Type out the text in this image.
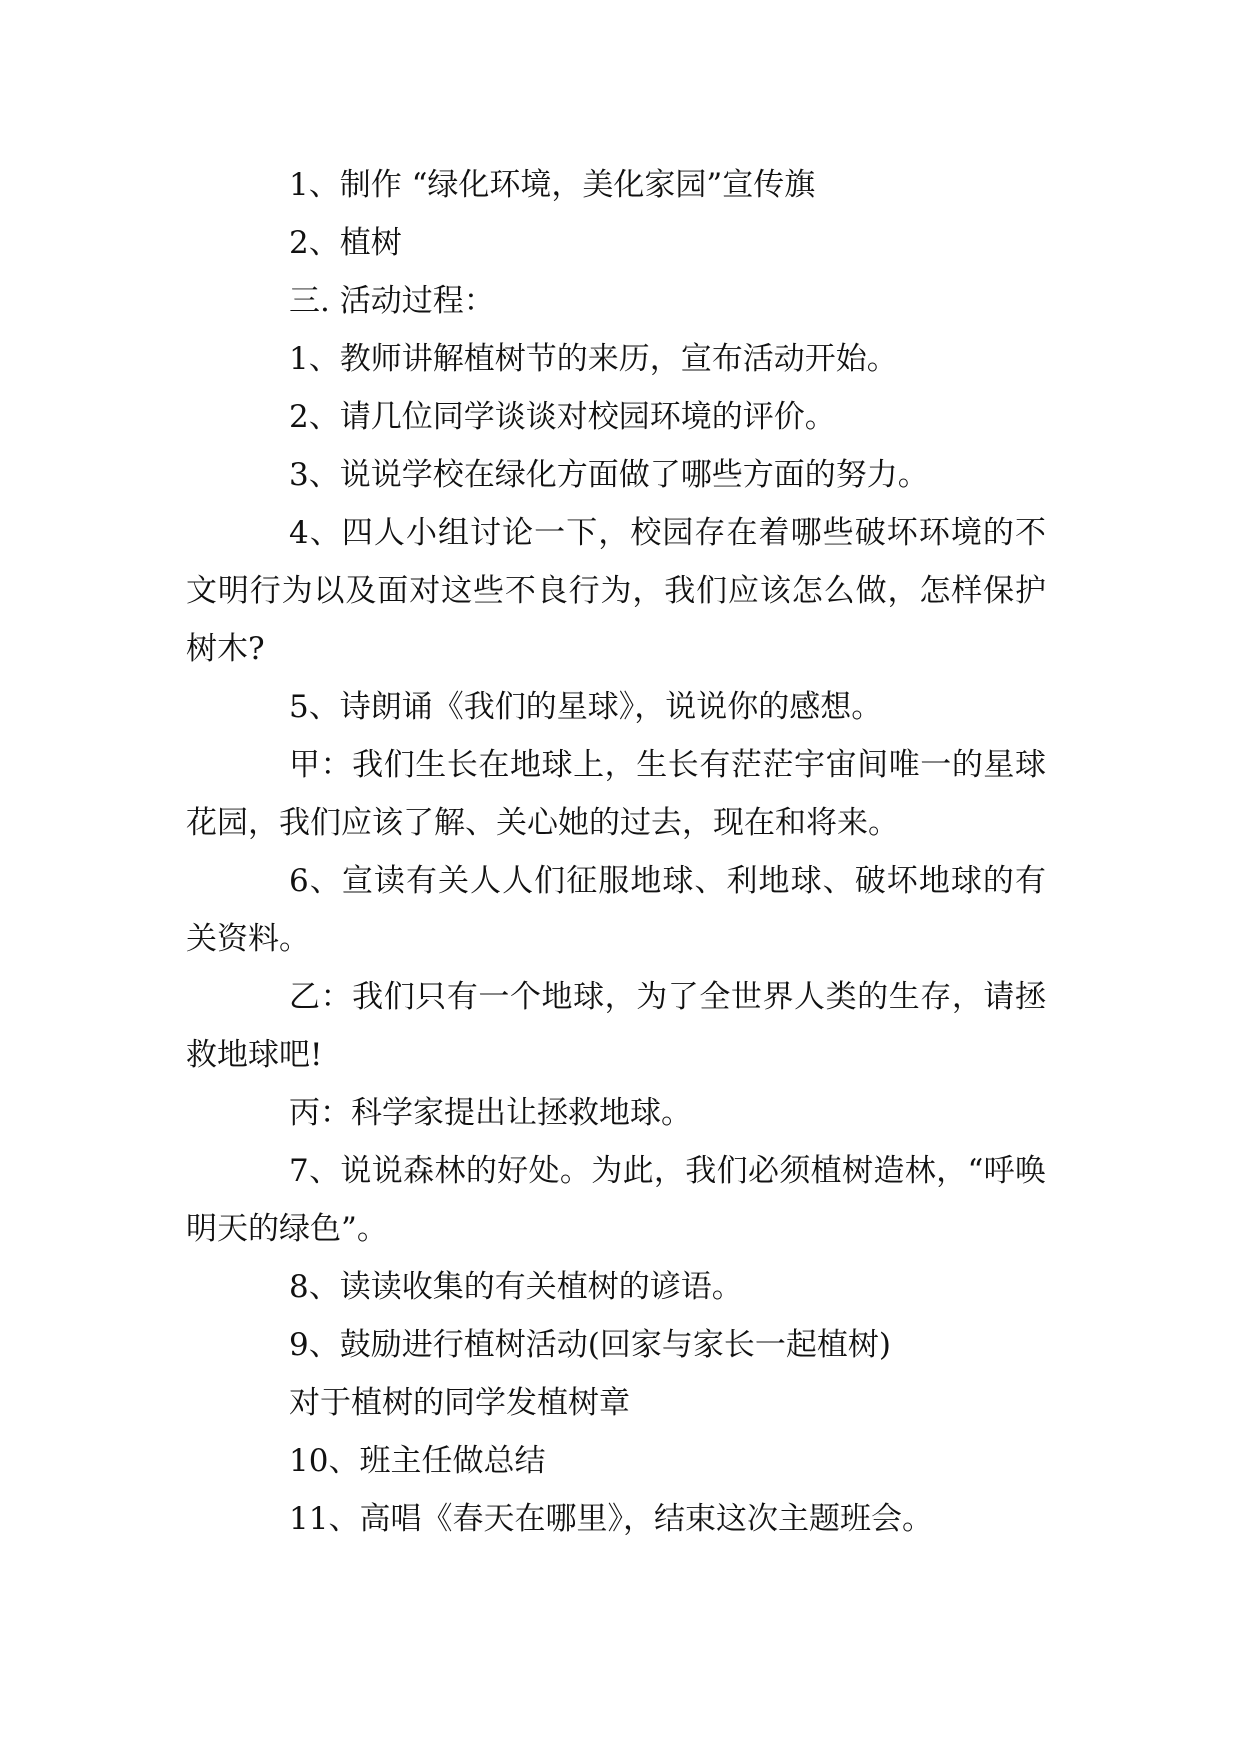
1、制作 “绿化环境，美化家园”宣传旗

2、植树

三. 活动过程：

1、教师讲解植树节的来历，宣布活动开始。

2、请几位同学谈谈对校园环境的评价。

3、说说学校在绿化方面做了哪些方面的努力。

4、四人小组讨论一下，校园存在着哪些破坏环境的不文明行为以及面对这些不良行为，我们应该怎么做，怎样保护树木?

5、诗朗诵《我们的星球》，说说你的感想。

甲：我们生长在地球上，生长有茫茫宇宙间唯一的星球花园，我们应该了解、关心她的过去，现在和将来。

6、宣读有关人人们征服地球、利地球、破坏地球的有关资料。

乙：我们只有一个地球，为了全世界人类的生存，请拯救地球吧!

丙：科学家提出让拯救地球。

7、说说森林的好处。为此，我们必须植树造林，“呼唤明天的绿色”。

8、读读收集的有关植树的谚语。

9、鼓励进行植树活动(回家与家长一起植树)

对于植树的同学发植树章

10、班主任做总结

11、高唱《春天在哪里》，结束这次主题班会。
